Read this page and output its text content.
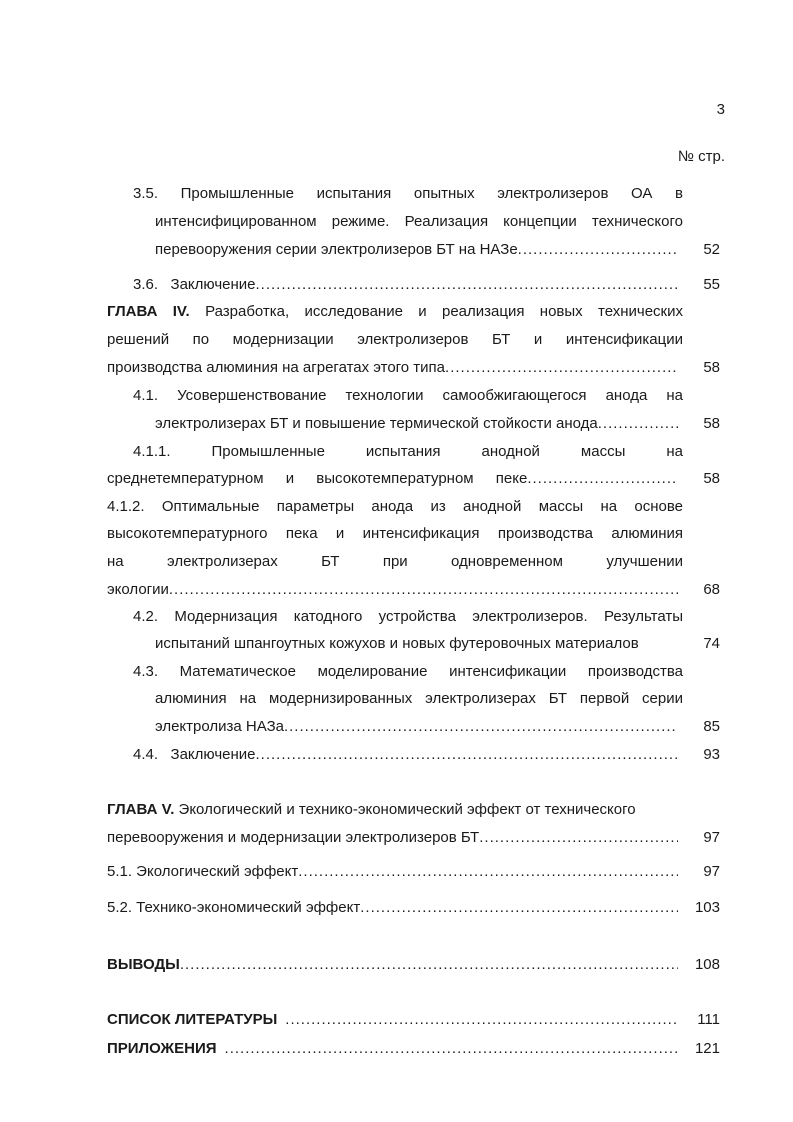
3
№ стр.
3.5. Промышленные испытания опытных электролизеров ОА в
интенсифицированном режиме. Реализация концепции технического
перевооружения серии электролизеров БТ на НАЗе .....	52
3.6.   Заключение .....	55
ГЛАВА IV. Разработка, исследование и реализация новых технических
решений по модернизации электролизеров БТ и интенсификации
производства алюминия на агрегатах этого типа .....	58
4.1. Усовершенствование технологии самообжигающегося анода на
электролизерах БТ и повышение термической стойкости анода .....	58
4.1.1. Промышленные испытания анодной массы на
среднетемпературном и высокотемпературном пеке .....	58
4.1.2. Оптимальные параметры анода из анодной массы на основе
высокотемпературного пека и интенсификация производства алюминия
на электролизерах БТ при одновременном улучшении
экологии .....	68
4.2. Модернизация катодного устройства электролизеров. Результаты
испытаний шпангоутных кожухов и новых футеровочных материалов	74
4.3. Математическое моделирование интенсификации производства
алюминия на модернизированных электролизерах БТ первой серии
электролиза НАЗа .....	85
4.4.   Заключение .....	93
ГЛАВА V. Экологический и технико-экономический эффект от технического
перевооружения и модернизации электролизеров БТ .....	97
5.1. Экологический эффект .....	97
5.2. Технико-экономический эффект .....	103
ВЫВОДЫ .....	108
СПИСОК ЛИТЕРАТУРЫ .....	111
ПРИЛОЖЕНИЯ .....	121
